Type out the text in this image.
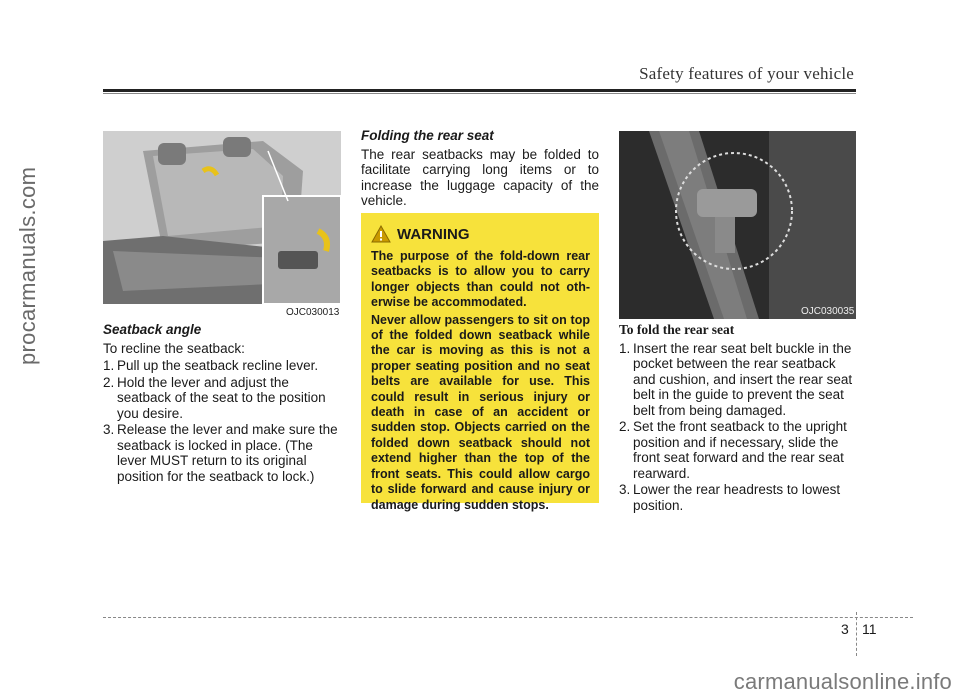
Safety features of your vehicle
procarmanuals.com	OJC030013	OJC030035
Seatback angle

To recline the seatback:

1. Pull up the seatback recline lever.
2. Hold the lever and adjust the seatback of the seat to the position you desire.
3. Release the lever and make sure the seatback is locked in place. (The lever MUST return to its original position for the seatback to lock.)
Folding the rear seat

The rear seatbacks may be folded to facilitate carrying long items or to increase the luggage capacity of the vehicle.

WARNING

The purpose of the fold-down rear seatbacks is to allow you to carry longer objects than could not oth-erwise be accommodated.

Never allow passengers to sit on top of the folded down seatback while the car is moving as this is not a proper seating position and no seat belts are available for use. This could result in serious injury or death in case of an accident or sudden stop. Objects carried on the folded down seatback should not extend higher than the top of the front seats. This could allow cargo to slide forward and cause injury or damage during sudden stops.

To fold the rear seat
1. Insert the rear seat belt buckle in the pocket between the rear seatback and cushion, and insert the rear seat belt in the guide to prevent the seat belt from being damaged.
2. Set the front seatback to the upright position and if necessary, slide the front seat forward and the rear seat rearward.
3. Lower the rear headrests to lowest position.
3 11
carmanualsonline.info
